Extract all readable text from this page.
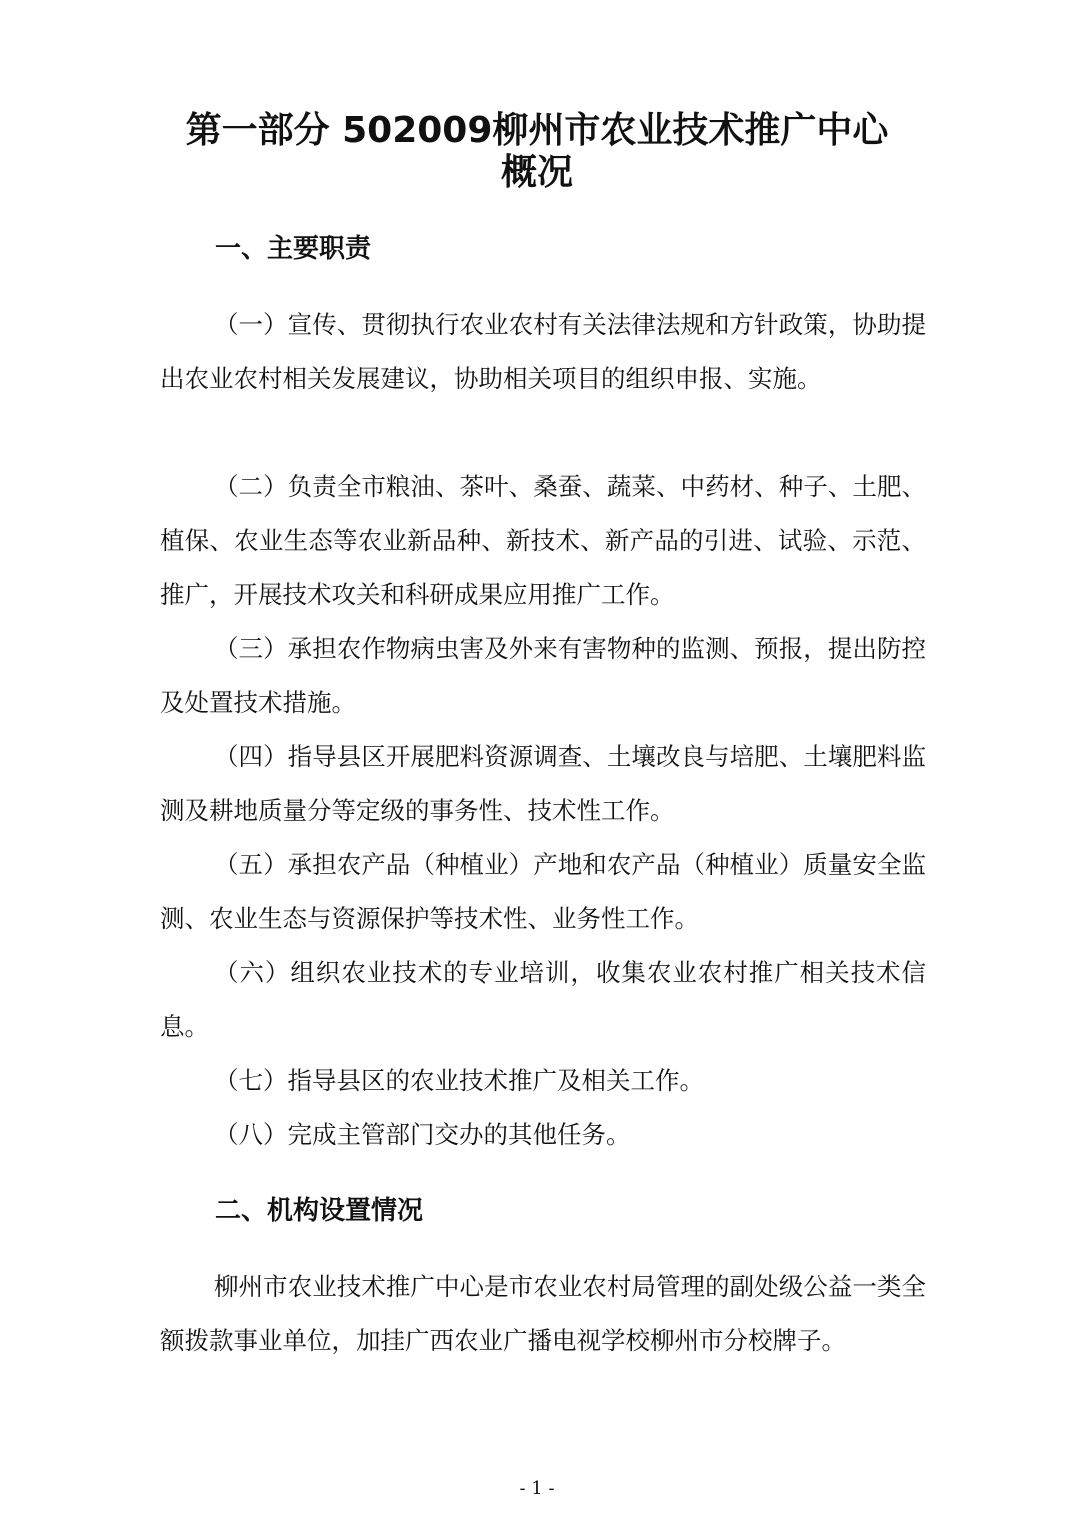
第一部分 502009柳州市农业技术推广中心
概况
一、主要职责

（一）宣传、贯彻执行农业农村有关法律法规和方针政策，协助提出农业农村相关发展建议，协助相关项目的组织申报、实施。

（二）负责全市粮油、茶叶、桑蚕、蔬菜、中药材、种子、土肥、植保、农业生态等农业新品种、新技术、新产品的引进、试验、示范、推广，开展技术攻关和科研成果应用推广工作。

（三）承担农作物病虫害及外来有害物种的监测、预报，提出防控及处置技术措施。

（四）指导县区开展肥料资源调查、土壤改良与培肥、土壤肥料监测及耕地质量分等定级的事务性、技术性工作。

（五）承担农产品（种植业）产地和农产品（种植业）质量安全监测、农业生态与资源保护等技术性、业务性工作。

（六）组织农业技术的专业培训，收集农业农村推广相关技术信息。

（七）指导县区的农业技术推广及相关工作。

（八）完成主管部门交办的其他任务。

二、机构设置情况

柳州市农业技术推广中心是市农业农村局管理的副处级公益一类全额拨款事业单位，加挂广西农业广播电视学校柳州市分校牌子。

- 1 -
